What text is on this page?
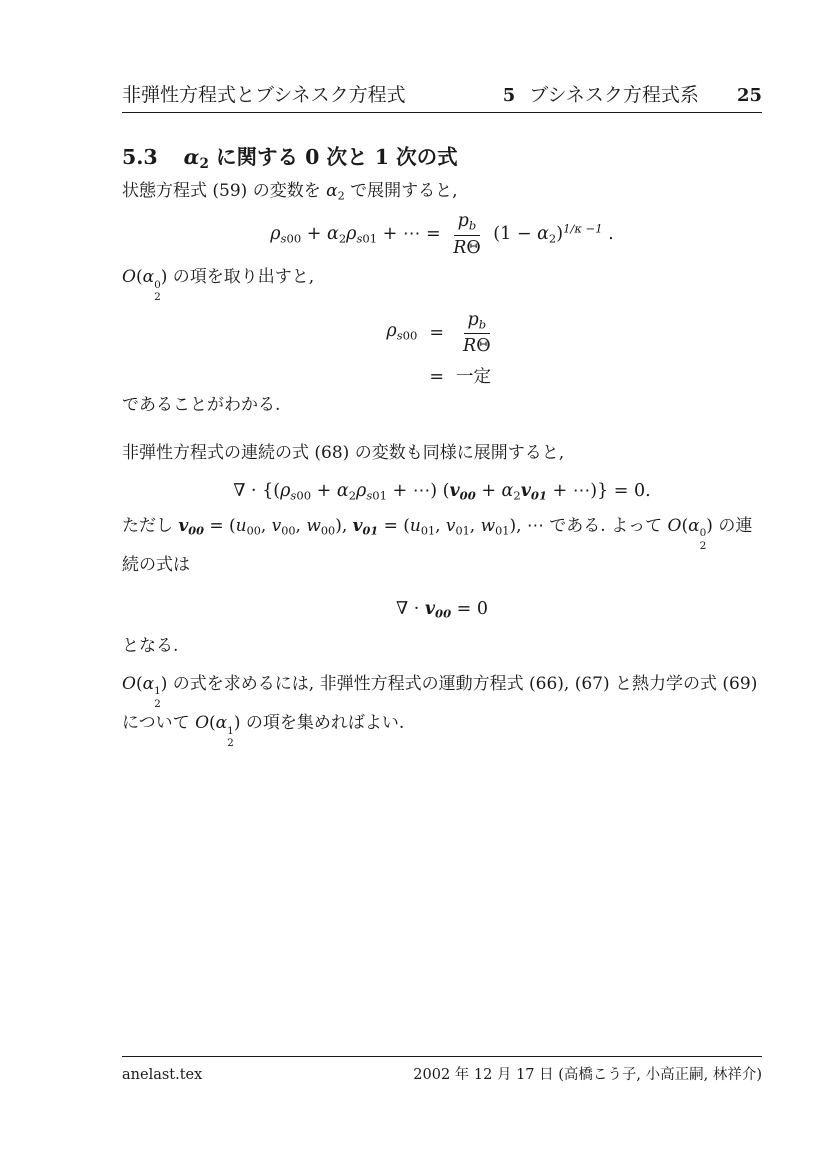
非弾性方程式とブシネスク方程式	5 ブシネスク方程式系 25
5.3 α2 に関する 0 次と 1 次の式

状態方程式 (59) の変数を α2 で展開すると,

ρs00 + α2ρs01 + ⋯ = $\frac{pb}{R\Theta} (1 - \alpha 2)^{1/\kappa -1}$ .

O(α 0
2
) の項を取り出すと,

$\rho s00 = \frac{pb}{R\Theta}$
= 一定

であることがわかる.

非弾性方程式の連続の式 (68) の変数も同様に展開すると,

∇ · {(ρs00 + α2ρs01 + ⋯) (v00 + α2v01 + ⋯)} = 0.

ただし v00 = (u00, v00, w00), v01 = (u01, v01, w01), ⋯ である. よって O(α 0
2
) の連続の式は

∇ · v00 = 0

となる.

O(α 1
2
) の式を求めるには, 非弾性方程式の運動方程式 (66), (67) と熱力学の式 (69) について O(α 1
2
) の項を集めればよい.

anelast.tex	2002 年 12 月 17 日 (高橋こう子, 小高正嗣, 林祥介)
